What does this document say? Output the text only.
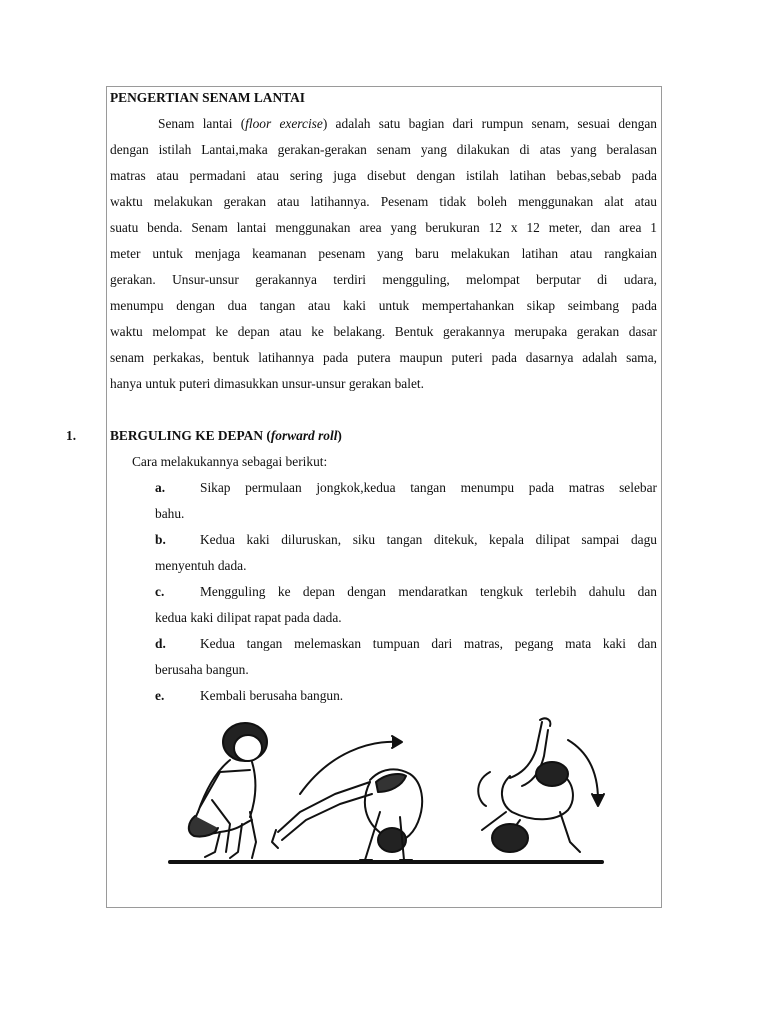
PENGERTIAN SENAM LANTAI
Senam lantai (floor exercise) adalah satu bagian dari rumpun senam, sesuai dengan
dengan istilah Lantai,maka gerakan-gerakan senam yang dilakukan di atas yang beralasan
matras atau permadani atau sering juga disebut dengan istilah latihan bebas,sebab pada
waktu melakukan gerakan atau latihannya. Pesenam tidak boleh menggunakan alat atau
suatu benda. Senam lantai menggunakan area yang berukuran 12 x 12 meter, dan area 1
meter untuk menjaga keamanan pesenam yang baru melakukan latihan atau rangkaian
gerakan. Unsur-unsur gerakannya terdiri mengguling, melompat berputar di udara,
menumpu dengan dua tangan atau kaki untuk mempertahankan sikap seimbang pada
waktu melompat ke depan atau ke belakang. Bentuk gerakannya merupaka gerakan dasar
senam perkakas, bentuk latihannya pada putera maupun puteri pada dasarnya adalah sama,
hanya untuk puteri dimasukkan unsur-unsur gerakan balet.
1.	BERGULING KE DEPAN (forward roll)
Cara melakukannya sebagai berikut:
a.	Sikap permulaan jongkok,kedua tangan menumpu pada matras selebar
bahu.
b.	Kedua kaki diluruskan, siku tangan ditekuk, kepala dilipat sampai dagu
menyentuh dada.
c.	Mengguling ke depan dengan mendaratkan tengkuk terlebih dahulu dan
kedua kaki dilipat rapat pada dada.
d.	Kedua tangan melemaskan tumpuan dari matras, pegang mata kaki dan
berusaha bangun.
e.	Kembali berusaha bangun.
